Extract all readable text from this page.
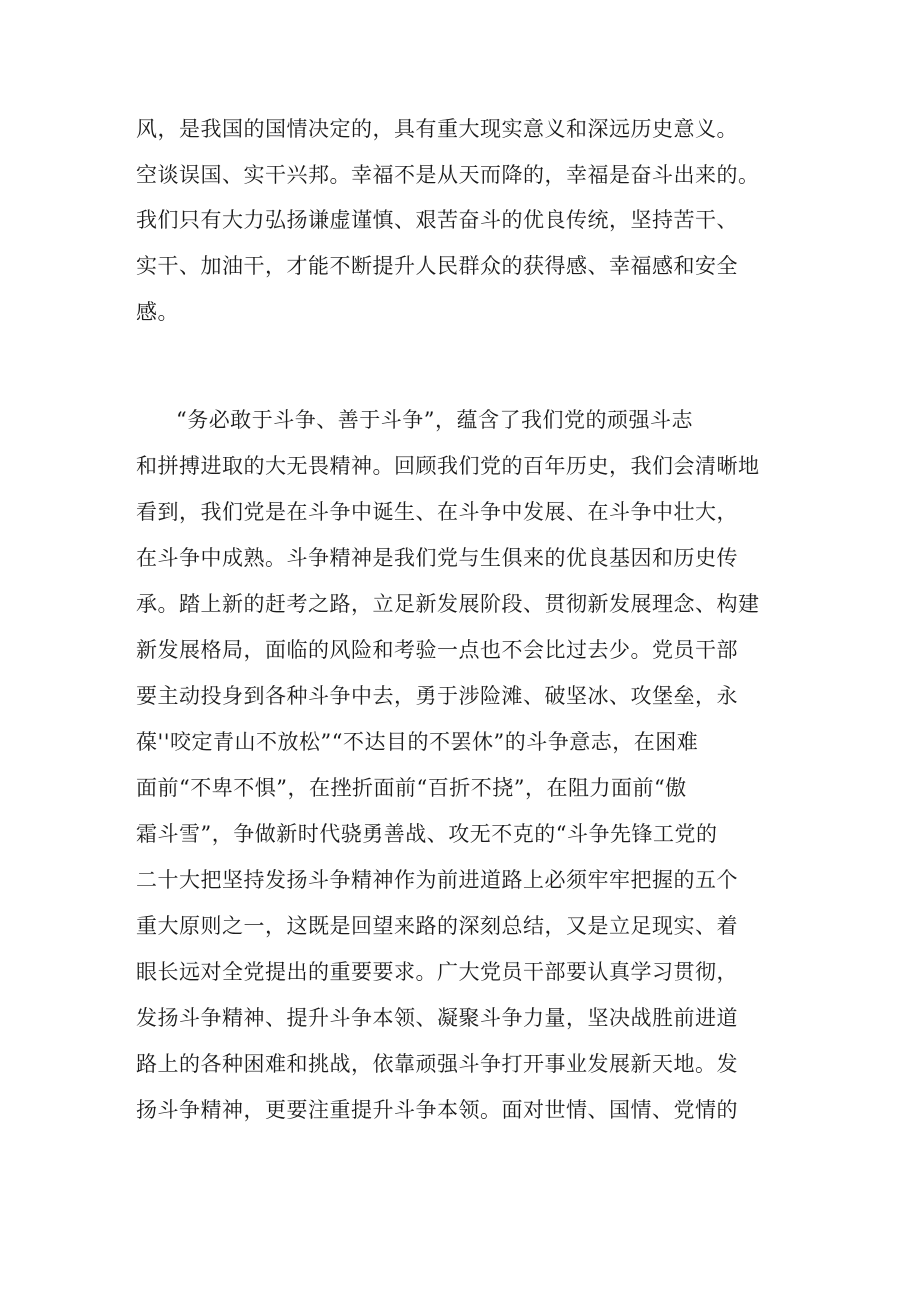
风，是我国的国情决定的，具有重大现实意义和深远历史意义。

空谈误国、实干兴邦。幸福不是从天而降的，幸福是奋斗出来的。

我们只有大力弘扬谦虚谨慎、艰苦奋斗的优良传统，坚持苦干、

实干、加油干，才能不断提升人民群众的获得感、幸福感和安全

感。

“务必敢于斗争、善于斗争”，蕴含了我们党的顽强斗志

和拼搏进取的大无畏精神。回顾我们党的百年历史，我们会清晰地

看到，我们党是在斗争中诞生、在斗争中发展、在斗争中壮大，

在斗争中成熟。斗争精神是我们党与生俱来的优良基因和历史传

承。踏上新的赶考之路，立足新发展阶段、贯彻新发展理念、构建

新发展格局，面临的风险和考验一点也不会比过去少。党员干部

要主动投身到各种斗争中去，勇于涉险滩、破坚冰、攻堡垒，永

葆''咬定青山不放松”“不达目的不罢休”的斗争意志，在困难

面前“不卑不惧”，在挫折面前“百折不挠”，在阻力面前“傲

霜斗雪”，争做新时代骁勇善战、攻无不克的“斗争先锋工党的

二十大把坚持发扬斗争精神作为前进道路上必须牢牢把握的五个

重大原则之一，这既是回望来路的深刻总结，又是立足现实、着

眼长远对全党提出的重要要求。广大党员干部要认真学习贯彻，

发扬斗争精神、提升斗争本领、凝聚斗争力量，坚决战胜前进道

路上的各种困难和挑战，依靠顽强斗争打开事业发展新天地。发

扬斗争精神，更要注重提升斗争本领。面对世情、国情、党情的
